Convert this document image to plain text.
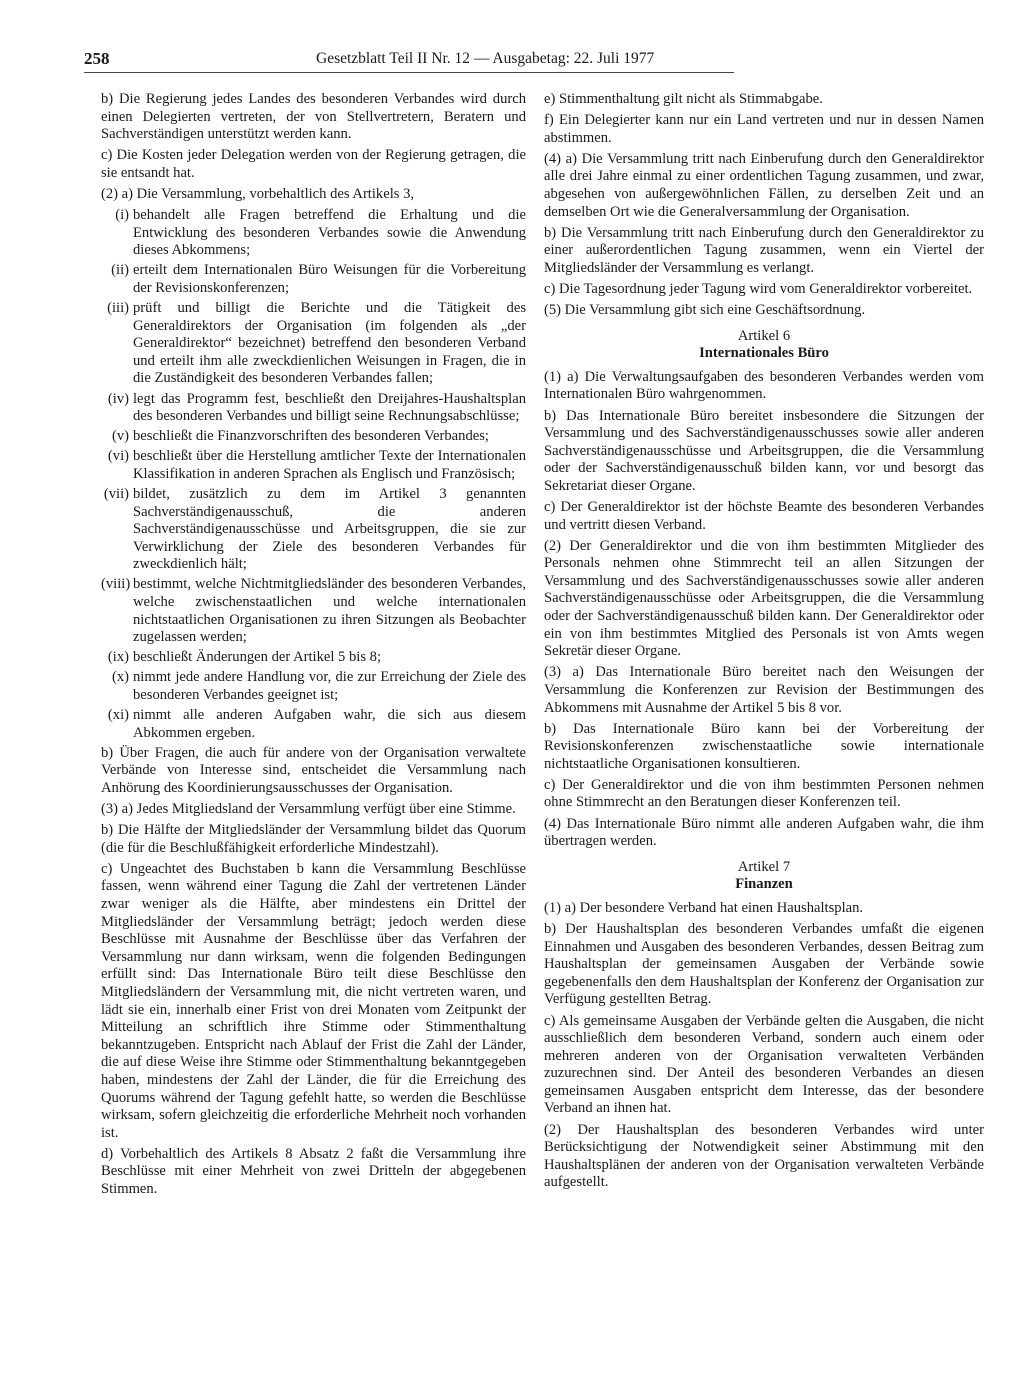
258	Gesetzblatt Teil II Nr. 12 — Ausgabetag: 22. Juli 1977

b) Die Regierung jedes Landes des besonderen Verbandes wird durch einen Delegierten vertreten, der von Stellvertretern, Beratern und Sachverständigen unterstützt werden kann.

c) Die Kosten jeder Delegation werden von der Regierung getragen, die sie entsandt hat.

(2) a) Die Versammlung, vorbehaltlich des Artikels 3,

(i) behandelt alle Fragen betreffend die Erhaltung und die Entwicklung des besonderen Verbandes sowie die Anwendung dieses Abkommens;
(ii) erteilt dem Internationalen Büro Weisungen für die Vorbereitung der Revisionskonferenzen;
(iii) prüft und billigt die Berichte und die Tätigkeit des Generaldirektors der Organisation (im folgenden als „der Generaldirektor“ bezeichnet) betreffend den besonderen Verband und erteilt ihm alle zweckdienlichen Weisungen in Fragen, die in die Zuständigkeit des besonderen Verbandes fallen;
(iv) legt das Programm fest, beschließt den Dreijahres-Haushaltsplan des besonderen Verbandes und billigt seine Rechnungsabschlüsse;
(v) beschließt die Finanzvorschriften des besonderen Verbandes;
(vi) beschließt über die Herstellung amtlicher Texte der Internationalen Klassifikation in anderen Sprachen als Englisch und Französisch;
(vii) bildet, zusätzlich zu dem im Artikel 3 genannten Sachverständigenausschuß, die anderen Sachverständigenausschüsse und Arbeitsgruppen, die sie zur Verwirklichung der Ziele des besonderen Verbandes für zweckdienlich hält;
(viii) bestimmt, welche Nichtmitgliedsländer des besonderen Verbandes, welche zwischenstaatlichen und welche internationalen nichtstaatlichen Organisationen zu ihren Sitzungen als Beobachter zugelassen werden;
(ix) beschließt Änderungen der Artikel 5 bis 8;
(x) nimmt jede andere Handlung vor, die zur Erreichung der Ziele des besonderen Verbandes geeignet ist;
(xi) nimmt alle anderen Aufgaben wahr, die sich aus diesem Abkommen ergeben.

b) Über Fragen, die auch für andere von der Organisation verwaltete Verbände von Interesse sind, entscheidet die Versammlung nach Anhörung des Koordinierungsausschusses der Organisation.

(3) a) Jedes Mitgliedsland der Versammlung verfügt über eine Stimme.

b) Die Hälfte der Mitgliedsländer der Versammlung bildet das Quorum (die für die Beschlußfähigkeit erforderliche Mindestzahl).

c) Ungeachtet des Buchstaben b kann die Versammlung Beschlüsse fassen, wenn während einer Tagung die Zahl der vertretenen Länder zwar weniger als die Hälfte, aber mindestens ein Drittel der Mitgliedsländer der Versammlung beträgt; jedoch werden diese Beschlüsse mit Ausnahme der Beschlüsse über das Verfahren der Versammlung nur dann wirksam, wenn die folgenden Bedingungen erfüllt sind: Das Internationale Büro teilt diese Beschlüsse den Mitgliedsländern der Versammlung mit, die nicht vertreten waren, und lädt sie ein, innerhalb einer Frist von drei Monaten vom Zeitpunkt der Mitteilung an schriftlich ihre Stimme oder Stimmenthaltung bekanntzugeben. Entspricht nach Ablauf der Frist die Zahl der Länder, die auf diese Weise ihre Stimme oder Stimmenthaltung bekanntgegeben haben, mindestens der Zahl der Länder, die für die Erreichung des Quorums während der Tagung gefehlt hatte, so werden die Beschlüsse wirksam, sofern gleichzeitig die erforderliche Mehrheit noch vorhanden ist.

d) Vorbehaltlich des Artikels 8 Absatz 2 faßt die Versammlung ihre Beschlüsse mit einer Mehrheit von zwei Dritteln der abgegebenen Stimmen.

e) Stimmenthaltung gilt nicht als Stimmabgabe.

f) Ein Delegierter kann nur ein Land vertreten und nur in dessen Namen abstimmen.

(4) a) Die Versammlung tritt nach Einberufung durch den Generaldirektor alle drei Jahre einmal zu einer ordentlichen Tagung zusammen, und zwar, abgesehen von außergewöhnlichen Fällen, zu derselben Zeit und an demselben Ort wie die Generalversammlung der Organisation.

b) Die Versammlung tritt nach Einberufung durch den Generaldirektor zu einer außerordentlichen Tagung zusammen, wenn ein Viertel der Mitgliedsländer der Versammlung es verlangt.

c) Die Tagesordnung jeder Tagung wird vom Generaldirektor vorbereitet.

(5) Die Versammlung gibt sich eine Geschäftsordnung.

Artikel 6
Internationales Büro

(1) a) Die Verwaltungsaufgaben des besonderen Verbandes werden vom Internationalen Büro wahrgenommen.

b) Das Internationale Büro bereitet insbesondere die Sitzungen der Versammlung und des Sachverständigenausschusses sowie aller anderen Sachverständigenausschüsse und Arbeitsgruppen, die die Versammlung oder der Sachverständigenausschuß bilden kann, vor und besorgt das Sekretariat dieser Organe.

c) Der Generaldirektor ist der höchste Beamte des besonderen Verbandes und vertritt diesen Verband.

(2) Der Generaldirektor und die von ihm bestimmten Mitglieder des Personals nehmen ohne Stimmrecht teil an allen Sitzungen der Versammlung und des Sachverständigenausschusses sowie aller anderen Sachverständigenausschüsse oder Arbeitsgruppen, die die Versammlung oder der Sachverständigenausschuß bilden kann. Der Generaldirektor oder ein von ihm bestimmtes Mitglied des Personals ist von Amts wegen Sekretär dieser Organe.

(3) a) Das Internationale Büro bereitet nach den Weisungen der Versammlung die Konferenzen zur Revision der Bestimmungen des Abkommens mit Ausnahme der Artikel 5 bis 8 vor.

b) Das Internationale Büro kann bei der Vorbereitung der Revisionskonferenzen zwischenstaatliche sowie internationale nichtstaatliche Organisationen konsultieren.

c) Der Generaldirektor und die von ihm bestimmten Personen nehmen ohne Stimmrecht an den Beratungen dieser Konferenzen teil.

(4) Das Internationale Büro nimmt alle anderen Aufgaben wahr, die ihm übertragen werden.

Artikel 7
Finanzen

(1) a) Der besondere Verband hat einen Haushaltsplan.

b) Der Haushaltsplan des besonderen Verbandes umfaßt die eigenen Einnahmen und Ausgaben des besonderen Verbandes, dessen Beitrag zum Haushaltsplan der gemeinsamen Ausgaben der Verbände sowie gegebenenfalls den dem Haushaltsplan der Konferenz der Organisation zur Verfügung gestellten Betrag.

c) Als gemeinsame Ausgaben der Verbände gelten die Ausgaben, die nicht ausschließlich dem besonderen Verband, sondern auch einem oder mehreren anderen von der Organisation verwalteten Verbänden zuzurechnen sind. Der Anteil des besonderen Verbandes an diesen gemeinsamen Ausgaben entspricht dem Interesse, das der besondere Verband an ihnen hat.

(2) Der Haushaltsplan des besonderen Verbandes wird unter Berücksichtigung der Notwendigkeit seiner Abstimmung mit den Haushaltsplänen der anderen von der Organisation verwalteten Verbände aufgestellt.
